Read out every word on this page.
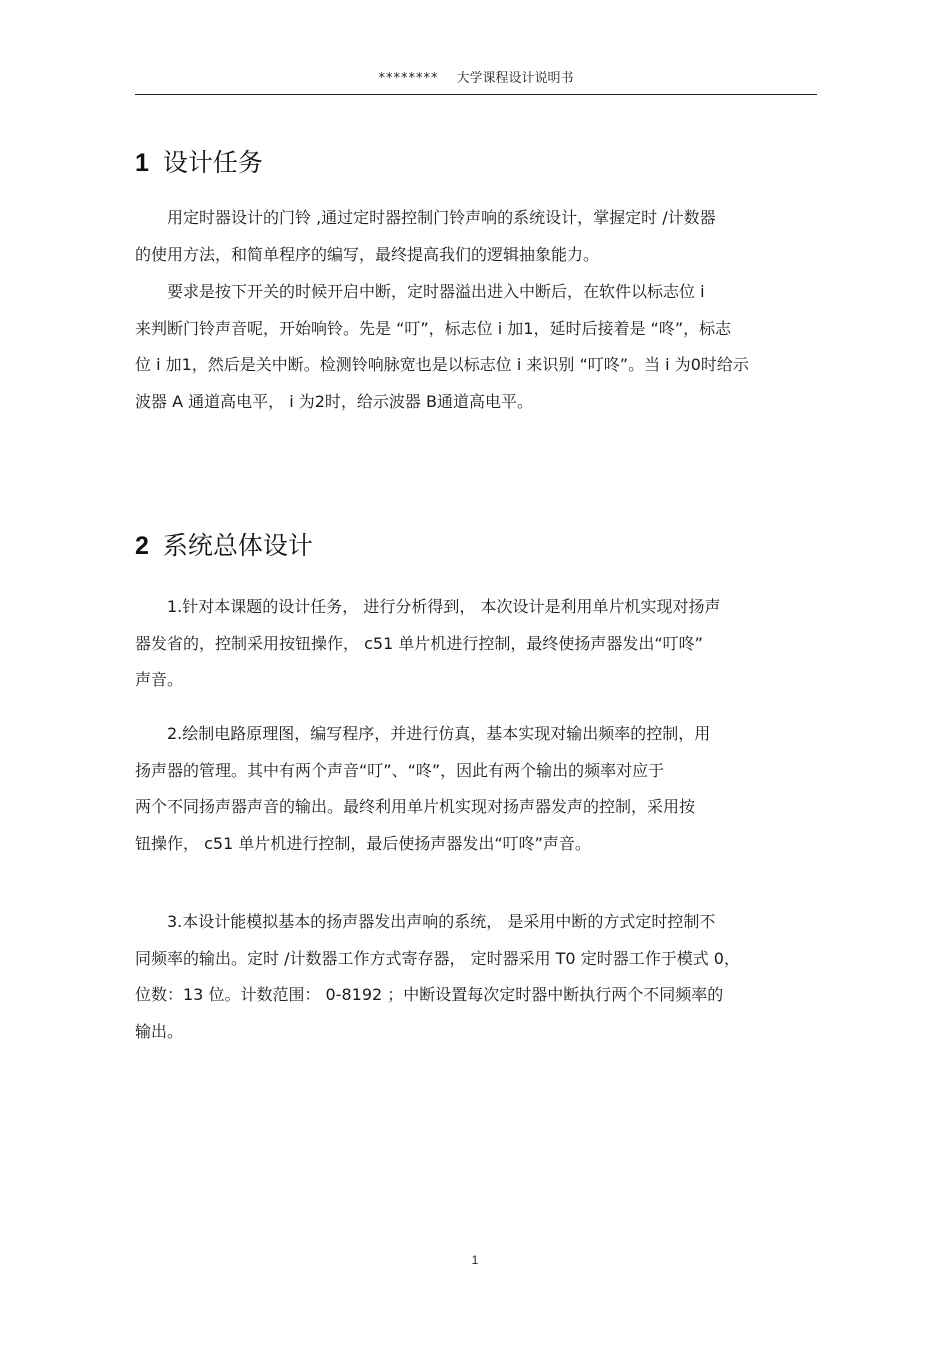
******** 大学课程设计说明书
1 设计任务

用定时器设计的门铃 ,通过定时器控制门铃声响的系统设计，掌握定时 /计数器
的使用方法，和简单程序的编写，最终提高我们的逻辑抽象能力。

要求是按下开关的时候开启中断，定时器溢出进入中断后，在软件以标志位 i
来判断门铃声音呢，开始响铃。先是 “叮”，标志位 i 加1，延时后接着是 “咚”，标志
位 i 加1，然后是关中断。检测铃响脉宽也是以标志位 i 来识别 “叮咚”。当 i 为0时给示
波器 A 通道高电平， i 为2时，给示波器 B通道高电平。

2 系统总体设计

1.针对本课题的设计任务， 进行分析得到， 本次设计是利用单片机实现对扬声
器发省的，控制采用按钮操作， c51 单片机进行控制，最终使扬声器发出“叮咚”
声音。

2.绘制电路原理图，编写程序，并进行仿真，基本实现对输出频率的控制，用
扬声器的管理。其中有两个声音“叮”、“咚”，因此有两个输出的频率对应于
两个不同扬声器声音的输出。最终利用单片机实现对扬声器发声的控制，采用按
钮操作， c51 单片机进行控制，最后使扬声器发出“叮咚”声音。

3.本设计能模拟基本的扬声器发出声响的系统， 是采用中断的方式定时控制不
同频率的输出。定时 /计数器工作方式寄存器， 定时器采用 T0 定时器工作于模式 0，
位数：13 位。计数范围： 0-8192 ；中断设置每次定时器中断执行两个不同频率的
输出。

1
